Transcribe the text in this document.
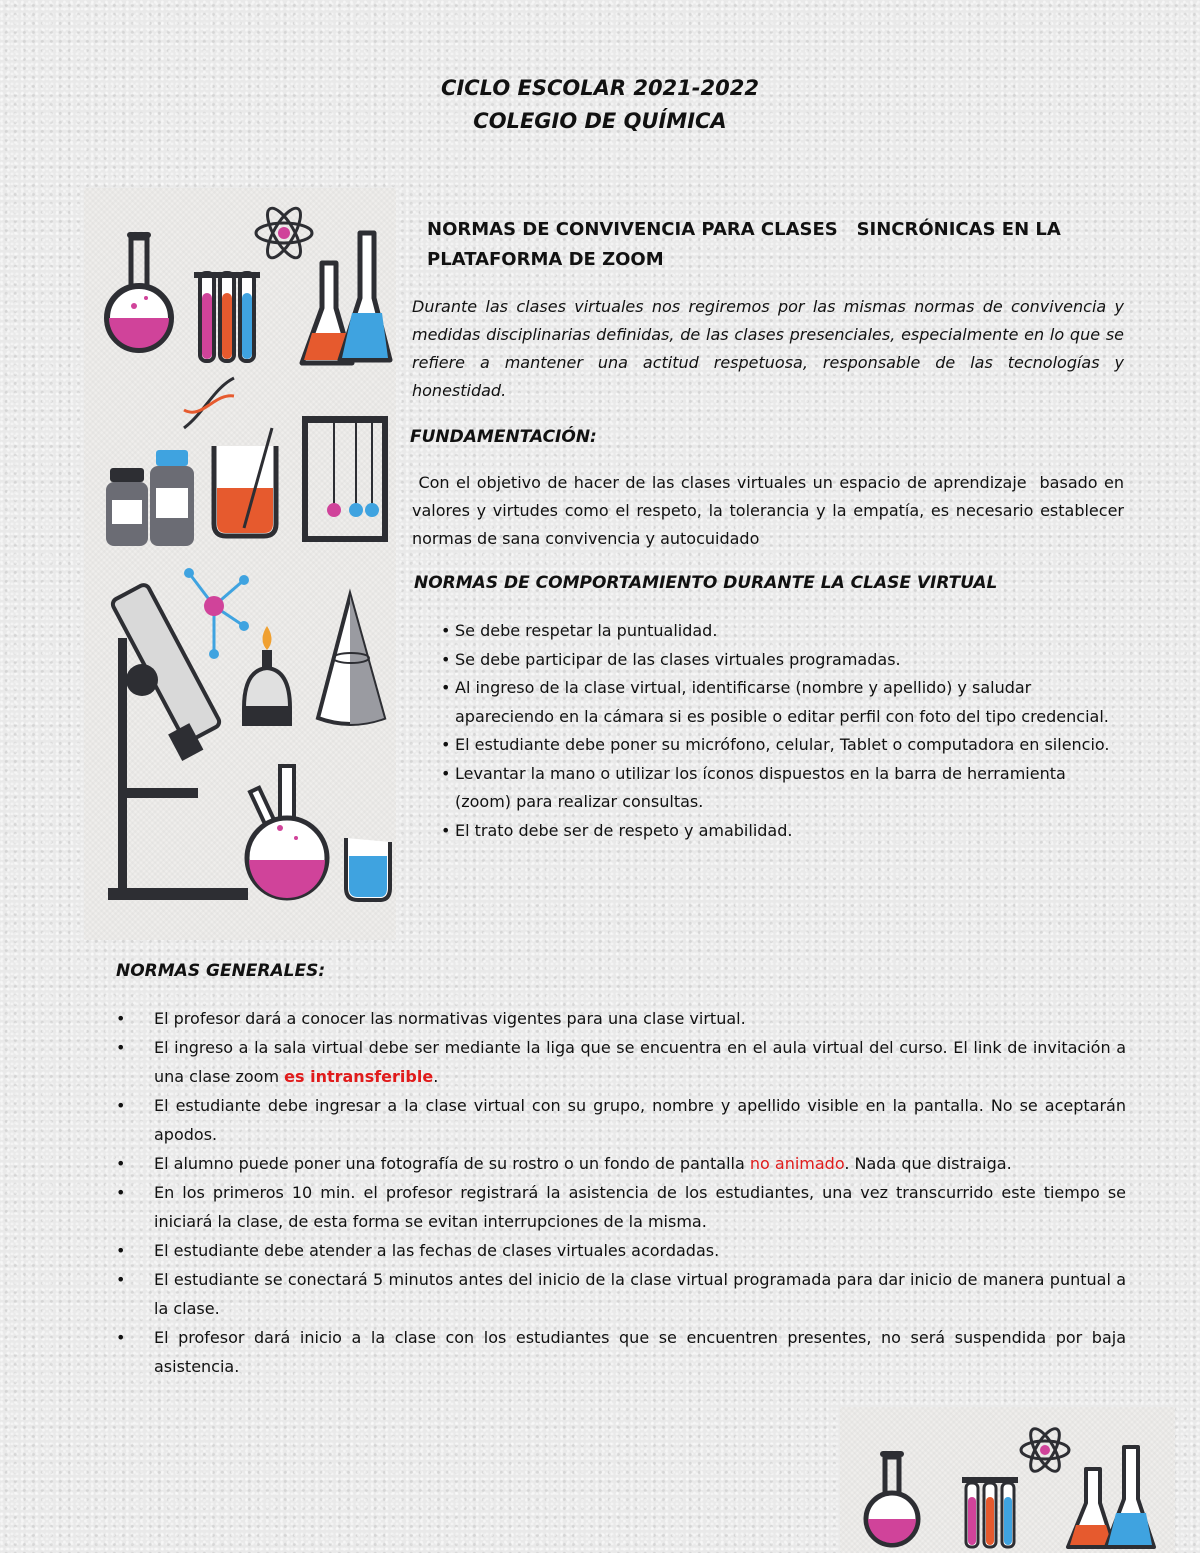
CICLO ESCOLAR 2021-2022
COLEGIO DE QUÍMICA
NORMAS DE CONVIVENCIA PARA CLASES   SINCRÓNICAS EN LA
PLATAFORMA DE ZOOM
Durante las clases virtuales nos regiremos por las mismas normas de convivencia y medidas disciplinarias definidas, de las clases presenciales, especialmente en lo que se refiere a mantener una actitud respetuosa, responsable de las tecnologías y honestidad.
FUNDAMENTACIÓN:
Con el objetivo de hacer de las clases virtuales un espacio de aprendizaje  basado en valores y virtudes como el respeto, la tolerancia y la empatía, es necesario establecer normas de sana convivencia y autocuidado
NORMAS DE COMPORTAMIENTO DURANTE LA CLASE VIRTUAL
• Se debe respetar la puntualidad.
• Se debe participar de las clases virtuales programadas.
• Al ingreso de la clase virtual, identificarse (nombre y apellido) y saludar apareciendo en la cámara si es posible o editar perfil con foto del tipo credencial.
• El estudiante debe poner su micrófono, celular, Tablet o computadora en silencio.
• Levantar la mano o utilizar los íconos dispuestos en la barra de herramienta (zoom) para realizar consultas.
• El trato debe ser de respeto y amabilidad.
NORMAS GENERALES:
• El profesor dará a conocer las normativas vigentes para una clase virtual.
• El ingreso a la sala virtual debe ser mediante la liga que se encuentra en el aula virtual del curso. El link de invitación a una clase zoom es intransferible.
• El estudiante debe ingresar a la clase virtual con su grupo, nombre y apellido visible en la pantalla. No se aceptarán apodos.
• El alumno puede poner una fotografía de su rostro o un fondo de pantalla no animado. Nada que distraiga.
• En los primeros 10 min. el profesor registrará la asistencia de los estudiantes, una vez transcurrido este tiempo se iniciará la clase, de esta forma se evitan interrupciones de la misma.
• El estudiante debe atender a las fechas de clases virtuales acordadas.
• El estudiante se conectará 5 minutos antes del inicio de la clase virtual programada para dar inicio de manera puntual a la clase.
• El profesor dará inicio a la clase con los estudiantes que se encuentren presentes, no será suspendida por baja asistencia.
